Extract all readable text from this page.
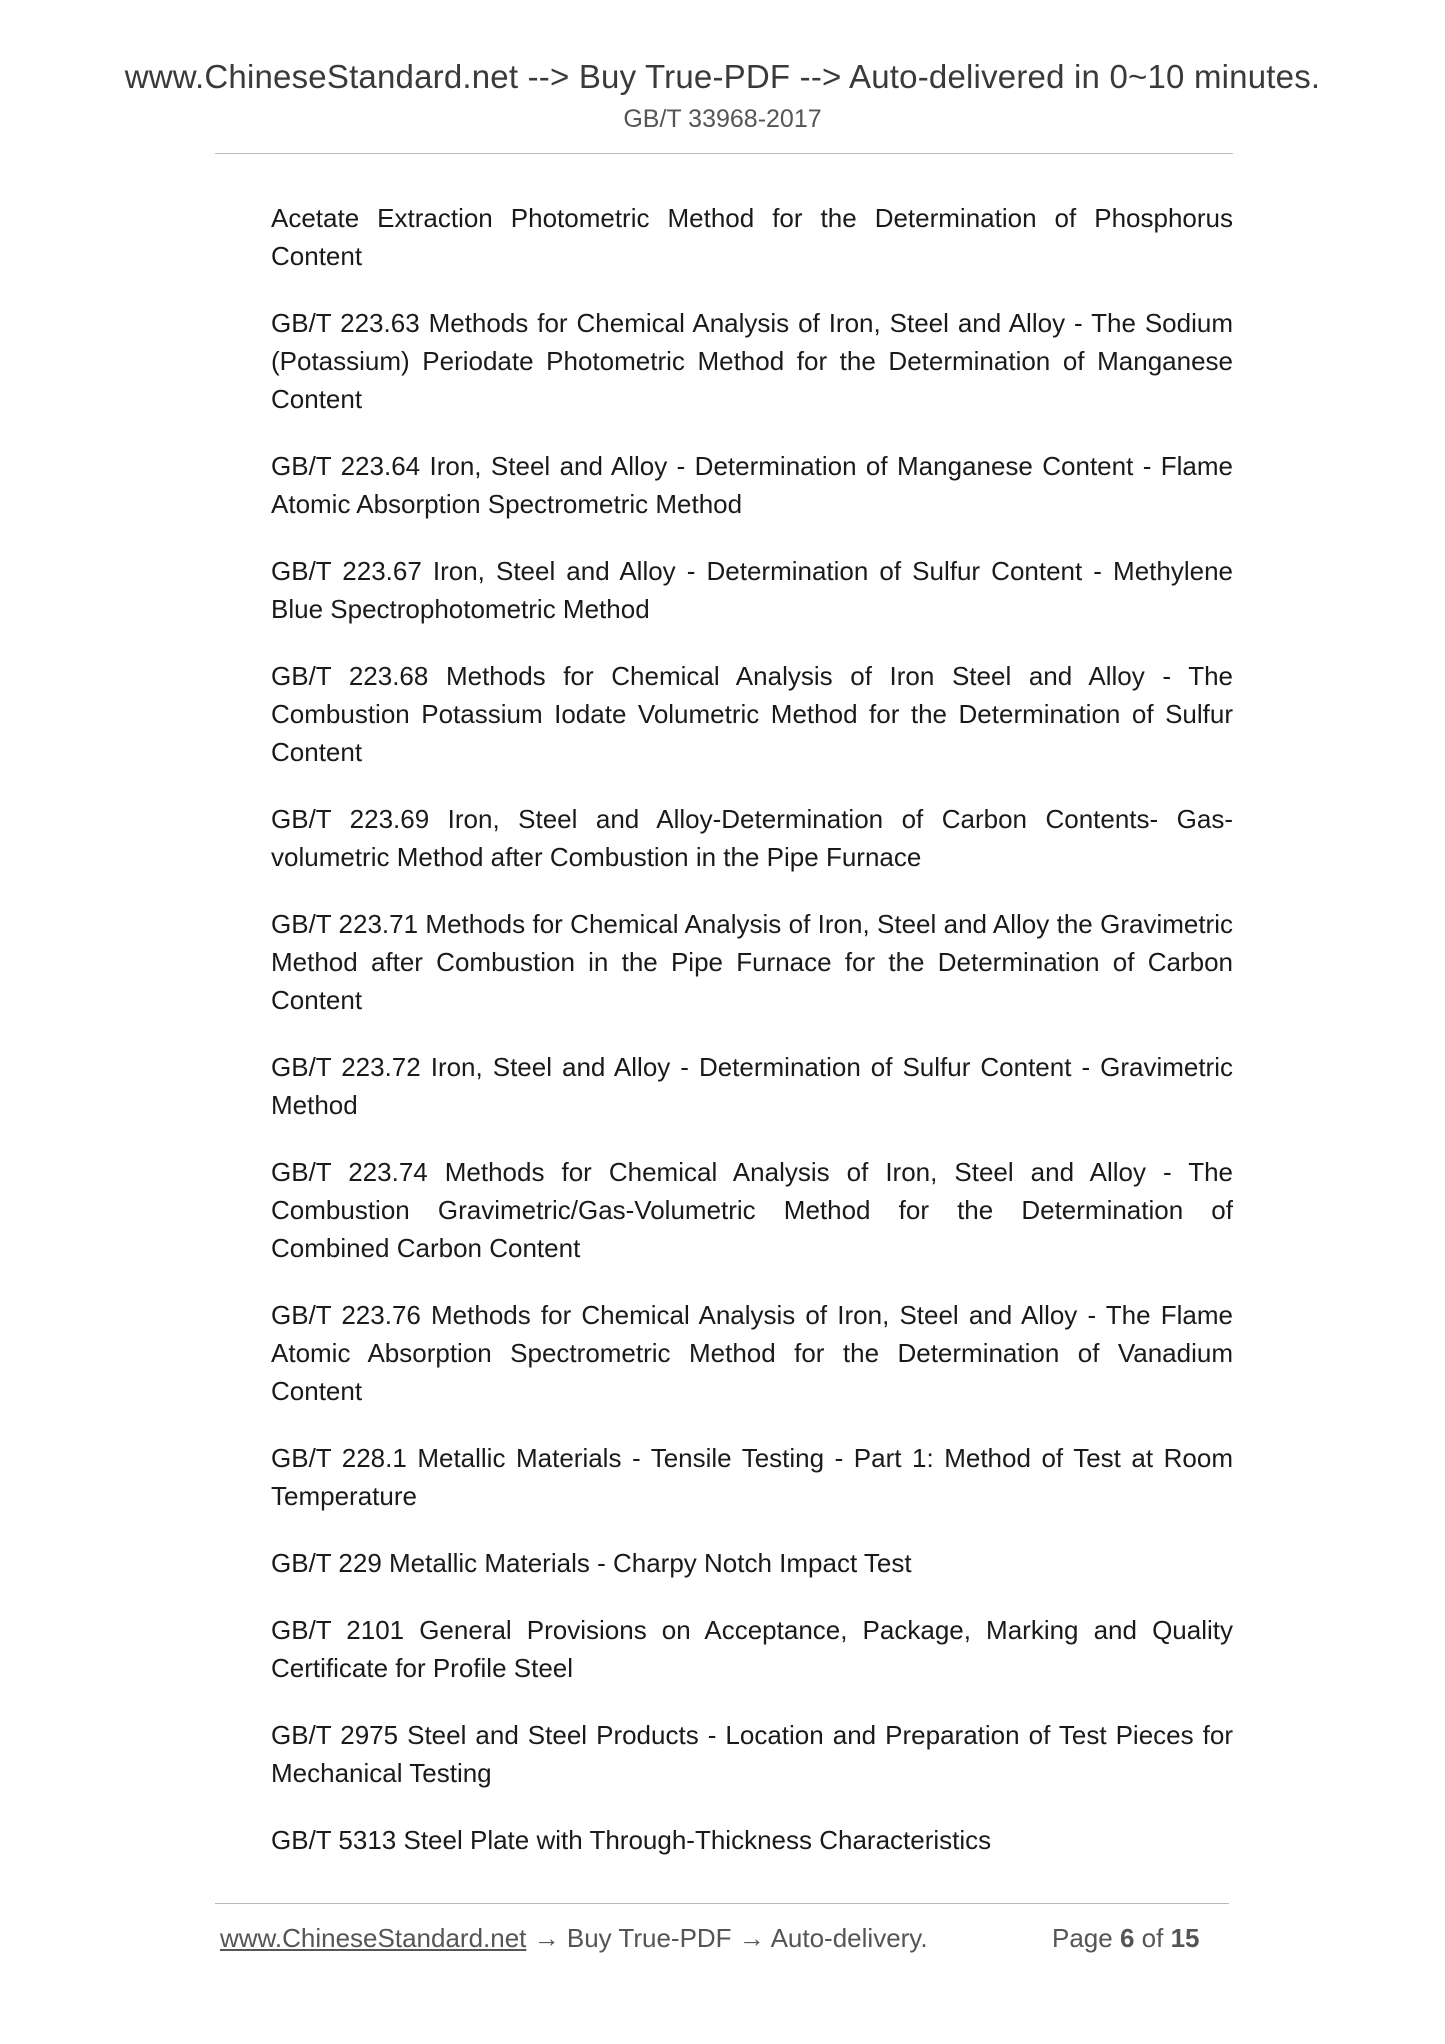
www.ChineseStandard.net --> Buy True-PDF --> Auto-delivered in 0~10 minutes.
GB/T 33968-2017

Acetate Extraction Photometric Method for the Determination of Phosphorus Content

GB/T 223.63 Methods for Chemical Analysis of Iron, Steel and Alloy - The Sodium (Potassium) Periodate Photometric Method for the Determination of Manganese Content

GB/T 223.64 Iron, Steel and Alloy - Determination of Manganese Content - Flame Atomic Absorption Spectrometric Method

GB/T 223.67 Iron, Steel and Alloy - Determination of Sulfur Content - Methylene Blue Spectrophotometric Method

GB/T 223.68 Methods for Chemical Analysis of Iron Steel and Alloy - The Combustion Potassium Iodate Volumetric Method for the Determination of Sulfur Content

GB/T 223.69 Iron, Steel and Alloy-Determination of Carbon Contents- Gas-volumetric Method after Combustion in the Pipe Furnace

GB/T 223.71 Methods for Chemical Analysis of Iron, Steel and Alloy the Gravimetric Method after Combustion in the Pipe Furnace for the Determination of Carbon Content

GB/T 223.72 Iron, Steel and Alloy - Determination of Sulfur Content - Gravimetric Method

GB/T 223.74 Methods for Chemical Analysis of Iron, Steel and Alloy - The Combustion Gravimetric/Gas-Volumetric Method for the Determination of Combined Carbon Content

GB/T 223.76 Methods for Chemical Analysis of Iron, Steel and Alloy - The Flame Atomic Absorption Spectrometric Method for the Determination of Vanadium Content

GB/T 228.1 Metallic Materials - Tensile Testing - Part 1: Method of Test at Room Temperature

GB/T 229 Metallic Materials - Charpy Notch Impact Test

GB/T 2101 General Provisions on Acceptance, Package, Marking and Quality Certificate for Profile Steel

GB/T 2975 Steel and Steel Products - Location and Preparation of Test Pieces for Mechanical Testing

GB/T 5313 Steel Plate with Through-Thickness Characteristics

www.ChineseStandard.net → Buy True-PDF → Auto-delivery.	Page 6 of 15
